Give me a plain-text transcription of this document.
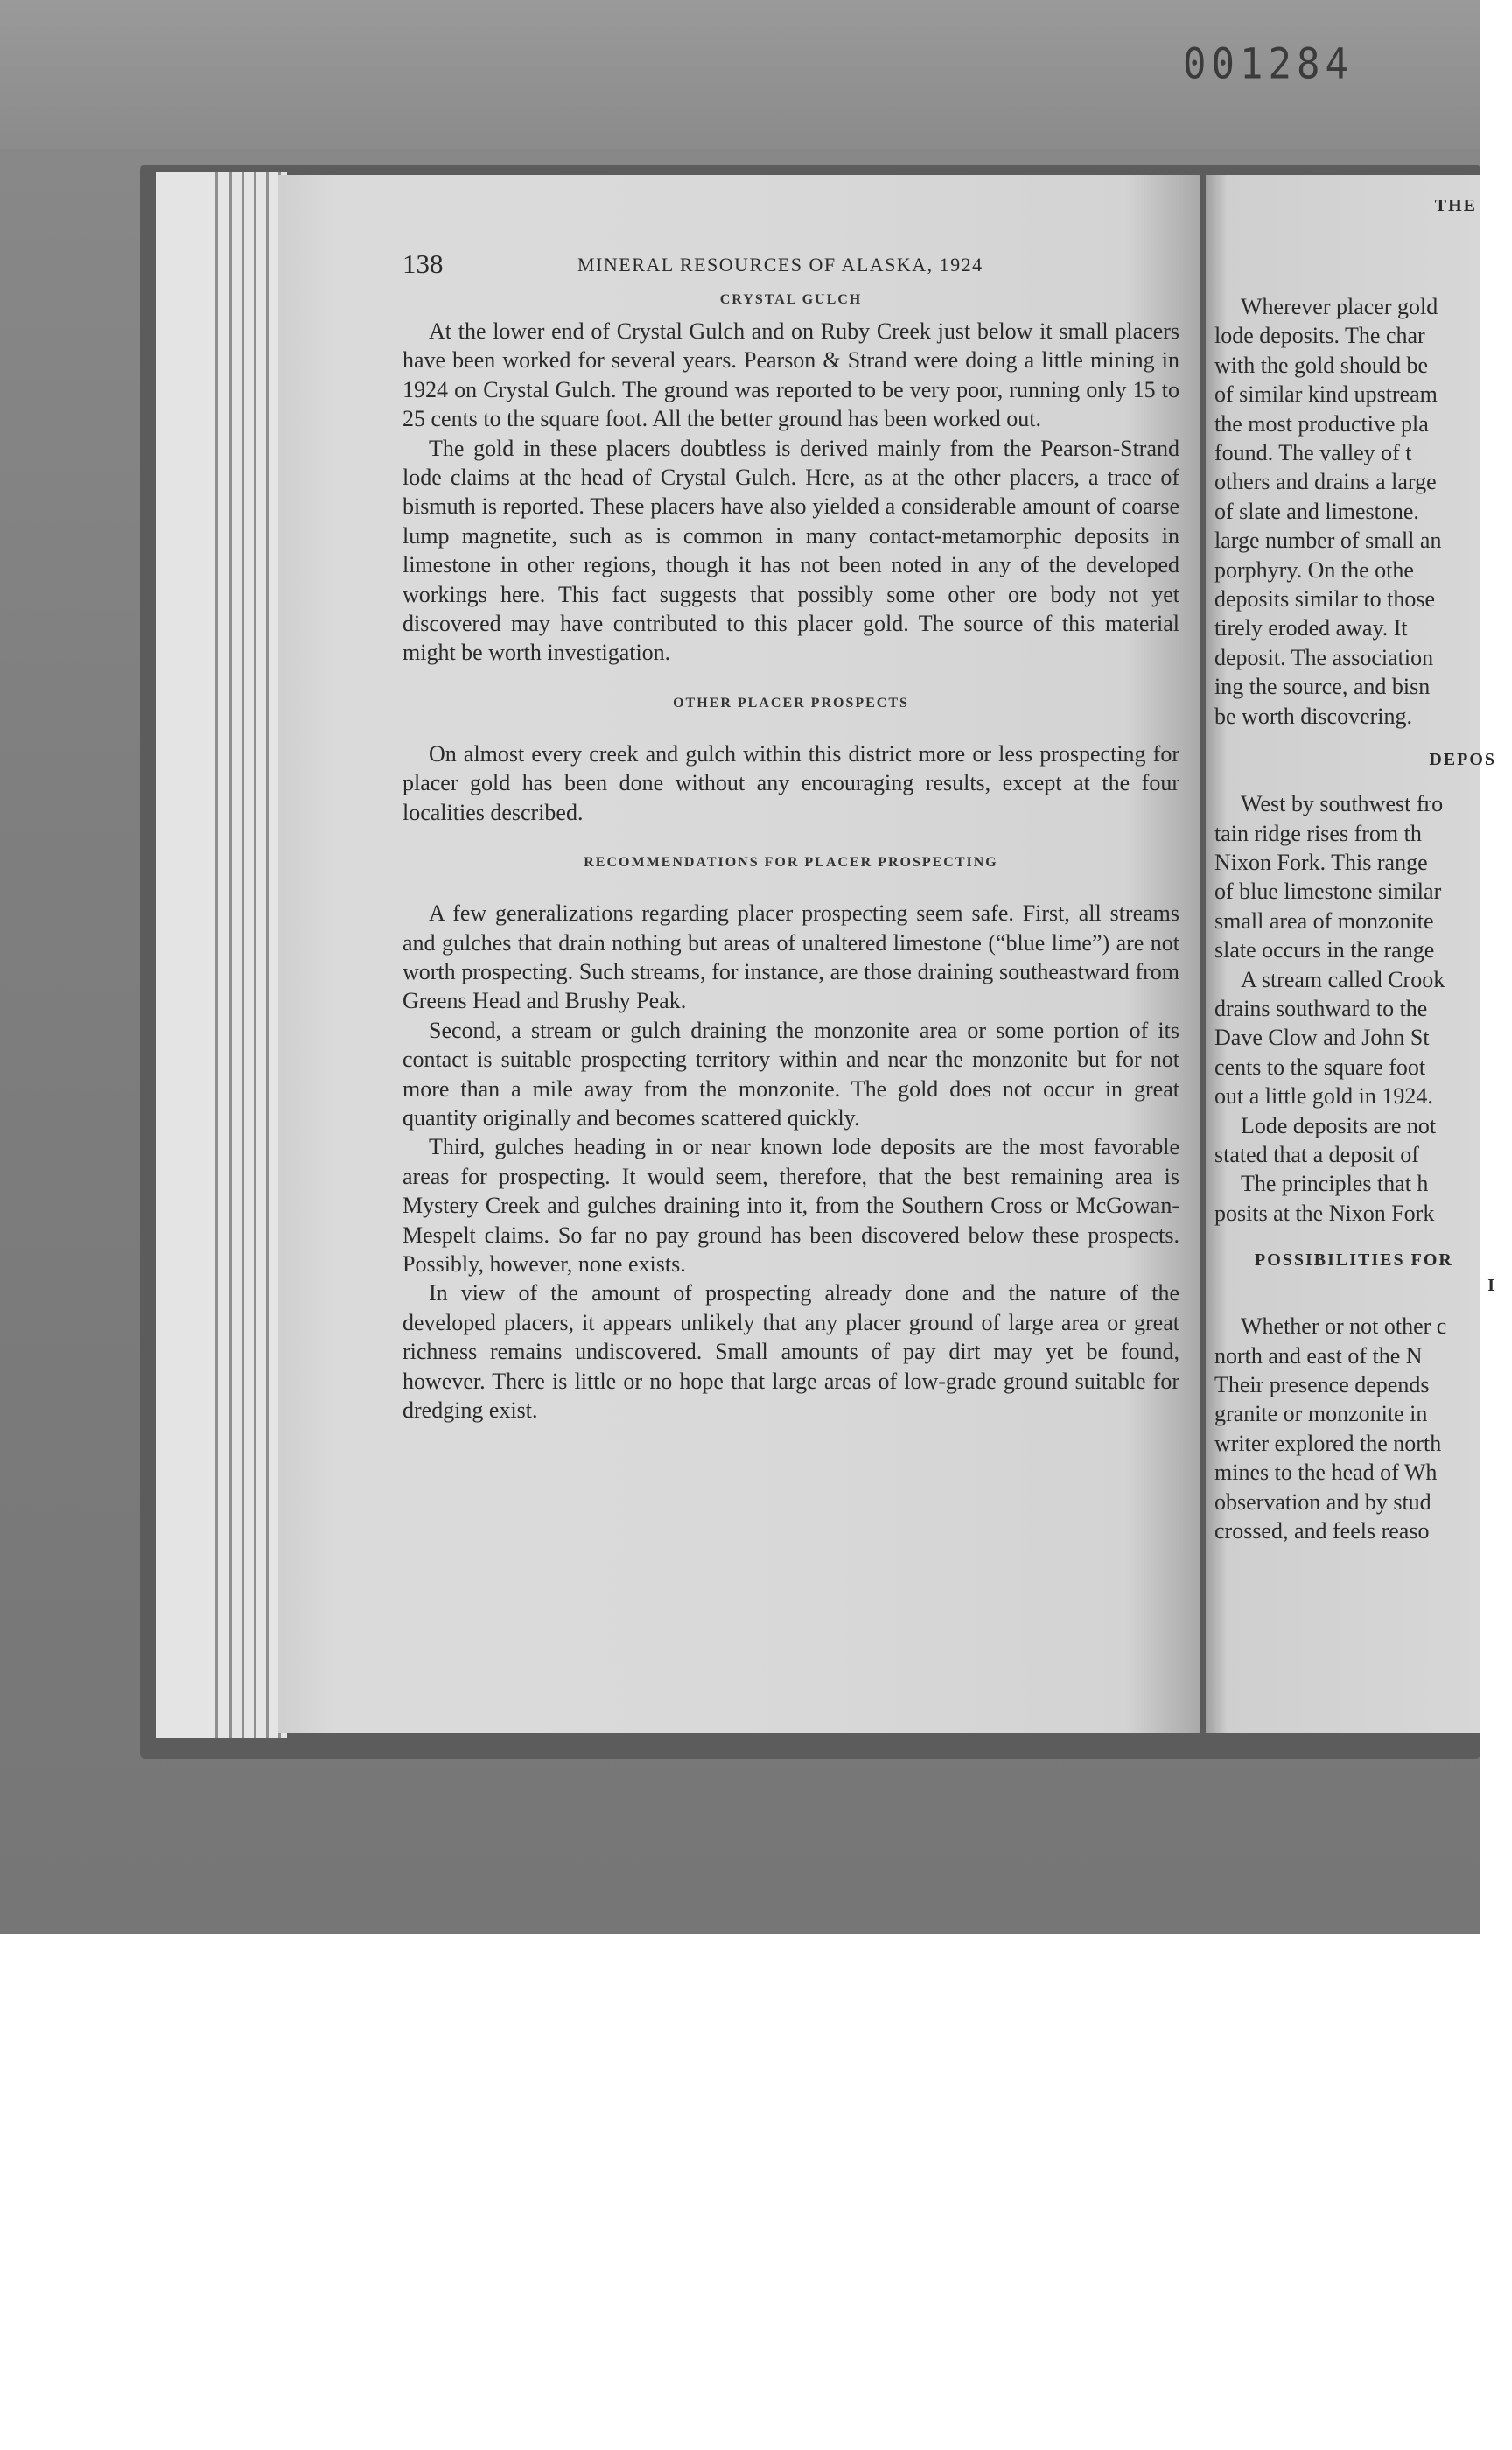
001284
138	MINERAL RESOURCES OF ALASKA, 1924
CRYSTAL GULCH

At the lower end of Crystal Gulch and on Ruby Creek just below it small placers have been worked for several years. Pearson & Strand were doing a little mining in 1924 on Crystal Gulch. The ground was reported to be very poor, running only 15 to 25 cents to the square foot. All the better ground has been worked out.

The gold in these placers doubtless is derived mainly from the Pearson-Strand lode claims at the head of Crystal Gulch. Here, as at the other placers, a trace of bismuth is reported. These placers have also yielded a considerable amount of coarse lump magnetite, such as is common in many contact-metamorphic deposits in limestone in other regions, though it has not been noted in any of the developed workings here. This fact suggests that possibly some other ore body not yet discovered may have contributed to this placer gold. The source of this material might be worth investigation.

OTHER PLACER PROSPECTS

On almost every creek and gulch within this district more or less prospecting for placer gold has been done without any encouraging results, except at the four localities described.

RECOMMENDATIONS FOR PLACER PROSPECTING

A few generalizations regarding placer prospecting seem safe. First, all streams and gulches that drain nothing but areas of unaltered limestone (“blue lime”) are not worth prospecting. Such streams, for instance, are those draining southeastward from Greens Head and Brushy Peak.

Second, a stream or gulch draining the monzonite area or some portion of its contact is suitable prospecting territory within and near the monzonite but for not more than a mile away from the monzonite. The gold does not occur in great quantity originally and becomes scattered quickly.

Third, gulches heading in or near known lode deposits are the most favorable areas for prospecting. It would seem, therefore, that the best remaining area is Mystery Creek and gulches draining into it, from the Southern Cross or McGowan-Mespelt claims. So far no pay ground has been discovered below these prospects. Possibly, however, none exists.

In view of the amount of prospecting already done and the nature of the developed placers, it appears unlikely that any placer ground of large area or great richness remains undiscovered. Small amounts of pay dirt may yet be found, however. There is little or no hope that large areas of low-grade ground suitable for dredging exist.

THE

Wherever placer gold

lode deposits. The char

with the gold should be

of similar kind upstream

the most productive pla

found. The valley of t

others and drains a large

of slate and limestone.

large number of small an

porphyry. On the othe

deposits similar to those

tirely eroded away. It

deposit. The association

ing the source, and bisn

be worth discovering.

DEPOS

West by southwest fro

tain ridge rises from th

Nixon Fork. This range

of blue limestone similar

small area of monzonite

slate occurs in the range

A stream called Crook

drains southward to the

Dave Clow and John St

cents to the square foot

out a little gold in 1924.

Lode deposits are not

stated that a deposit of

The principles that h

posits at the Nixon Fork

POSSIBILITIES FOR
I

Whether or not other c

north and east of the N

Their presence depends

granite or monzonite in

writer explored the north

mines to the head of Wh

observation and by stud

crossed, and feels reaso
